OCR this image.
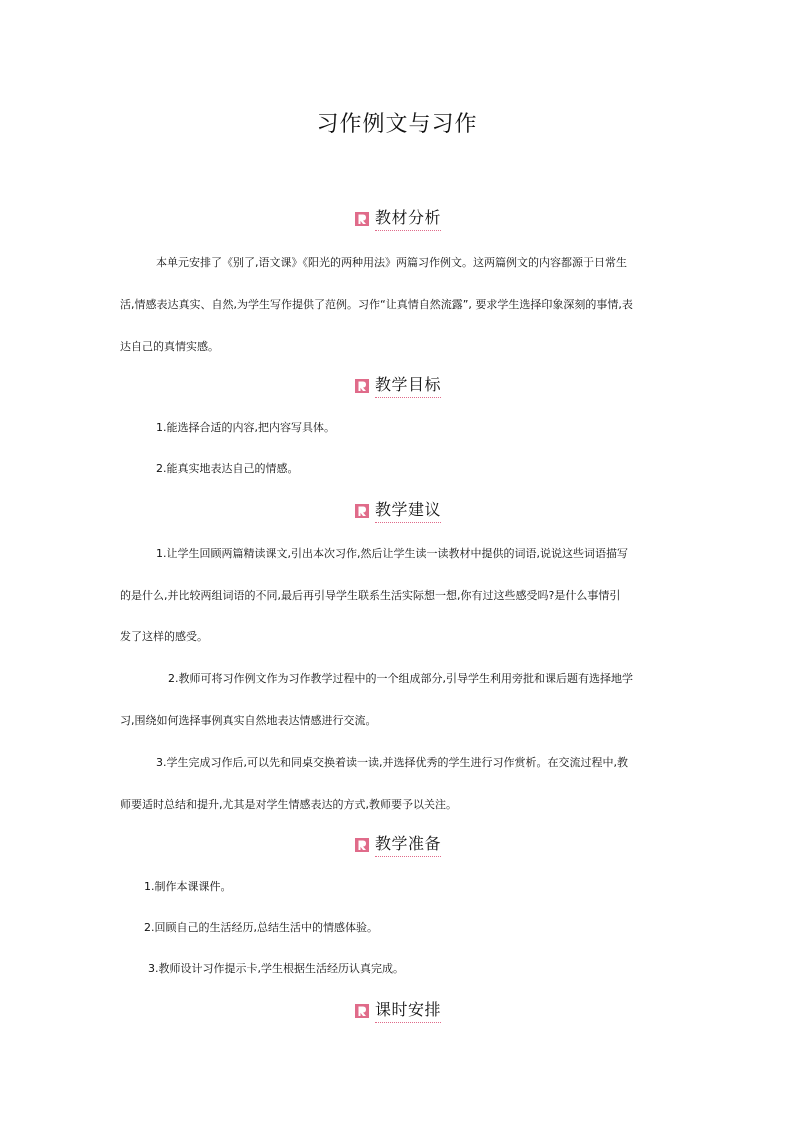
习作例文与习作
教材分析
本单元安排了《别了,语文课》《阳光的两种用法》两篇习作例文。这两篇例文的内容都源于日常生
活,情感表达真实、自然,为学生写作提供了范例。习作“让真情自然流露”, 要求学生选择印象深刻的事情,表
达自己的真情实感。
教学目标
1.能选择合适的内容,把内容写具体。
2.能真实地表达自己的情感。
教学建议
1.让学生回顾两篇精读课文,引出本次习作,然后让学生读一读教材中提供的词语,说说这些词语描写
的是什么,并比较两组词语的不同,最后再引导学生联系生活实际想一想,你有过这些感受吗?是什么事情引
发了这样的感受。
2.教师可将习作例文作为习作教学过程中的一个组成部分,引导学生利用旁批和课后题有选择地学
习,围绕如何选择事例真实自然地表达情感进行交流。
3.学生完成习作后,可以先和同桌交换着读一读,并选择优秀的学生进行习作赏析。在交流过程中,教
师要适时总结和提升,尤其是对学生情感表达的方式,教师要予以关注。
教学准备
1.制作本课课件。
2.回顾自己的生活经历,总结生活中的情感体验。
3.教师设计习作提示卡,学生根据生活经历认真完成。
课时安排
